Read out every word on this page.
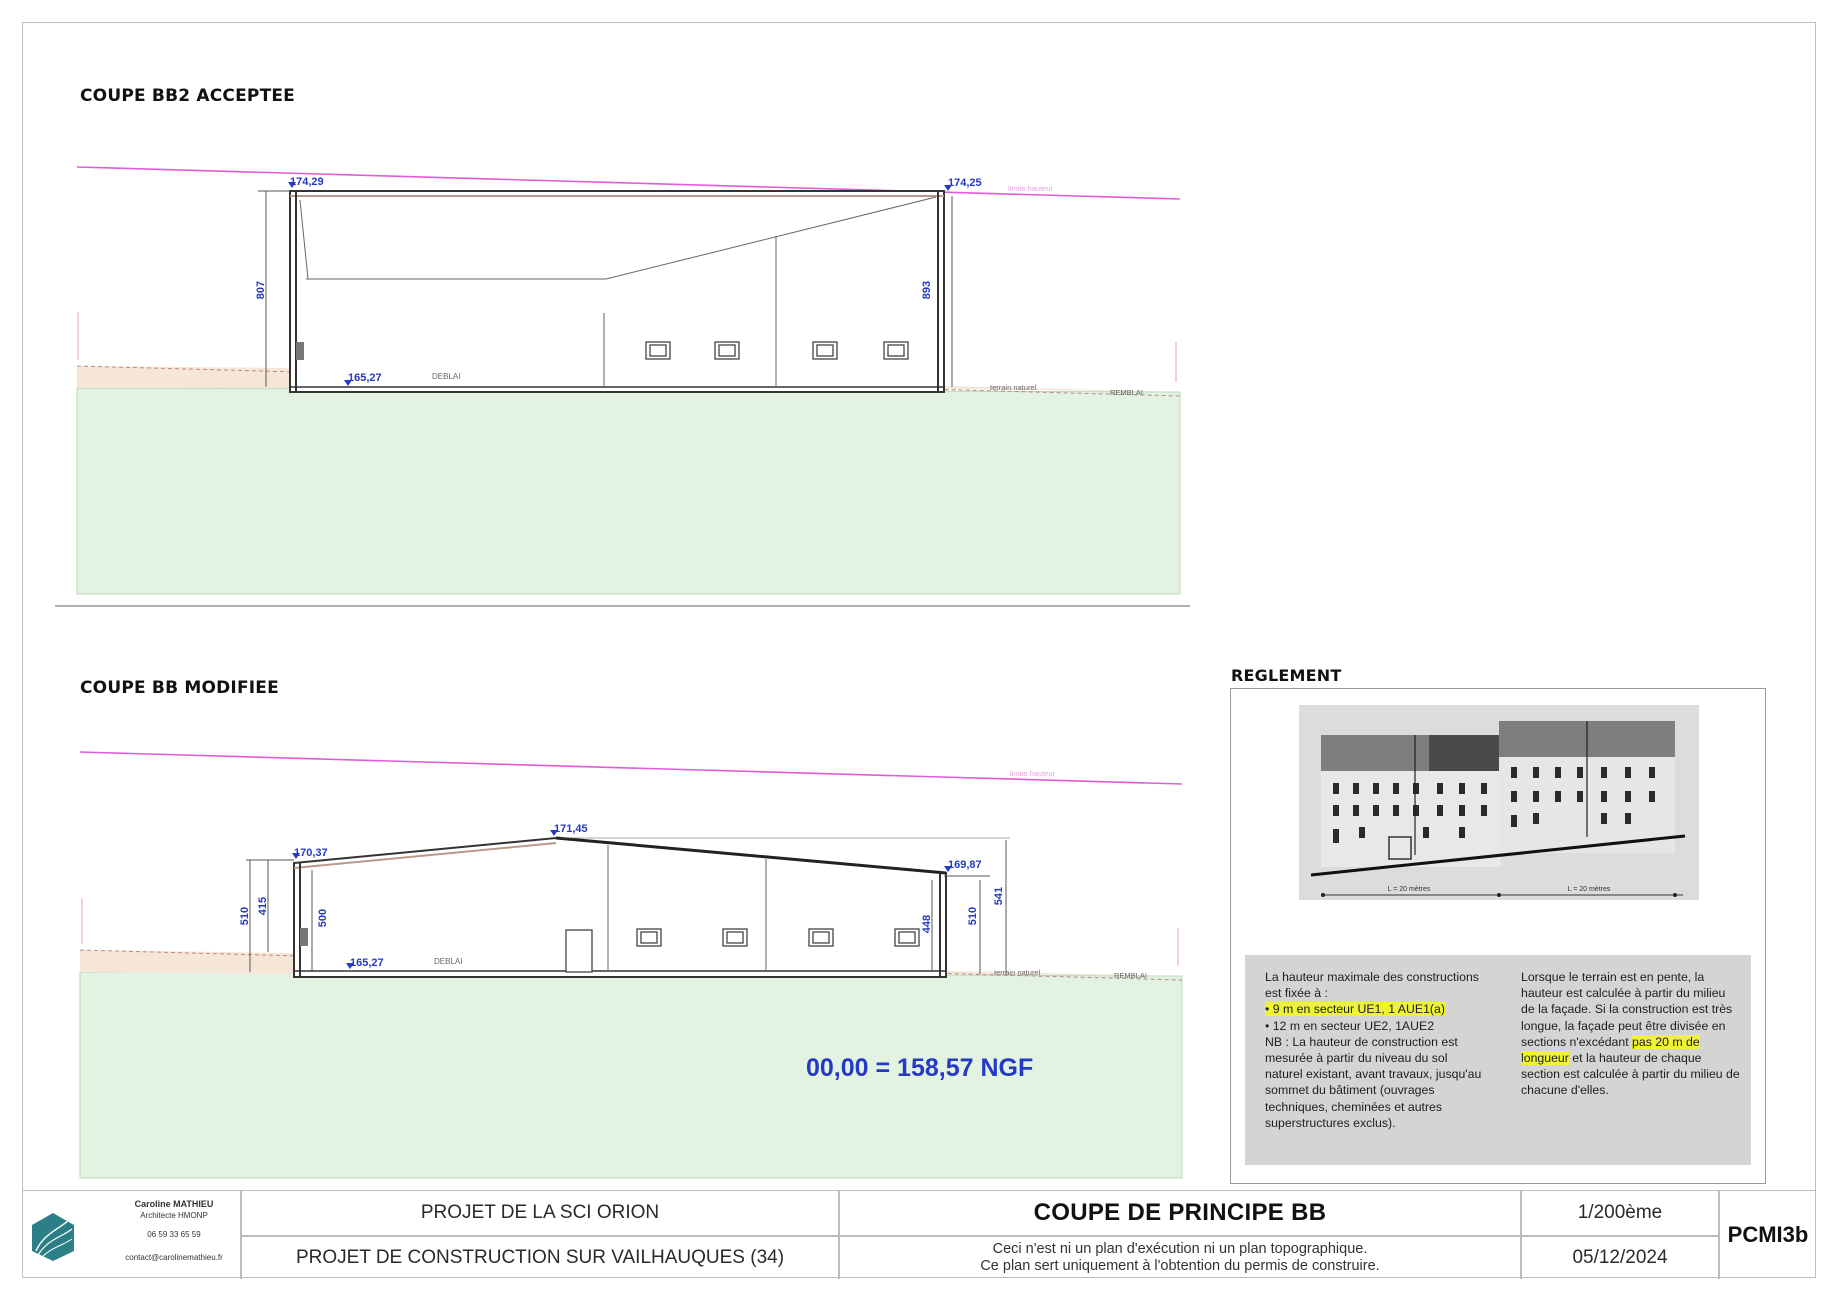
COUPE BB2 ACCEPTEE
174,29	174,25
165,27
807	893
DEBLAI
terrain naturel
REMBLAI
limite hauteur
COUPE BB MODIFIEE
170,37
171,45
169,87
165,27
510
415
500	448	510
541
DEBLAI
terrain naturel	REMBLAI
limite hauteur
00,00 = 158,57 NGF
REGLEMENT
L = 20 mètres	L = 20 mètres

La hauteur maximale des constructions est fixée à :

• 9 m en secteur UE1, 1 AUE1(a)

• 12 m en secteur UE2, 1AUE2

NB : La hauteur de construction est mesurée à partir du niveau du sol naturel existant, avant travaux, jusqu'au sommet du bâtiment (ouvrages techniques, cheminées et autres superstructures exclus).

Lorsque le terrain est en pente, la hauteur est calculée à partir du milieu de la façade. Si la construction est très longue, la façade peut être divisée en sections n'excédant pas 20 m de longueur et la hauteur de chaque section est calculée à partir du milieu de chacune d'elles.

Caroline MATHIEU
Architecte HMONP
06 59 33 65 59
contact@carolinemathieu.fr
PROJET DE LA SCI ORION
PROJET DE CONSTRUCTION SUR VAILHAUQUES (34)
COUPE DE PRINCIPE BB
Ceci n'est ni un plan d'exécution ni un plan topographique.
Ce plan sert uniquement à l'obtention du permis de construire.
1/200ème
05/12/2024
PCMI3b
